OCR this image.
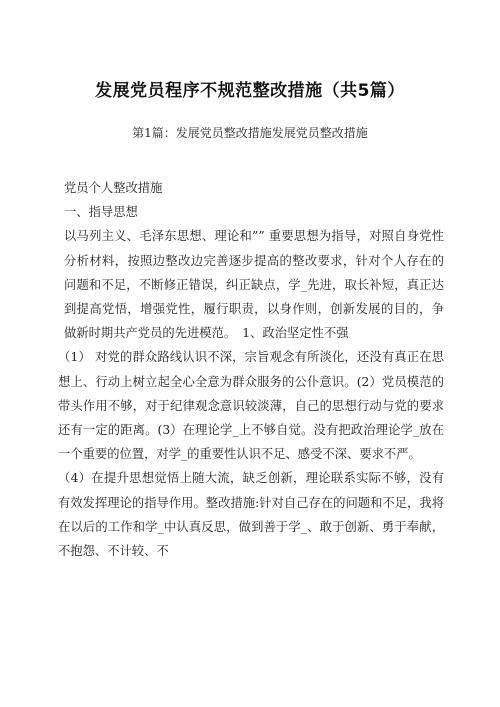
发展党员程序不规范整改措施（共5篇）
第1篇：发展党员整改措施发展党员整改措施

党员个人整改措施

一、指导思想

以马列主义、毛泽东思想、理论和”” 重要思想为指导，对照自身党性分析材料，按照边整改边完善逐步提高的整改要求，针对个人存在的问题和不足，不断修正错误，纠正缺点，学_先进，取长补短，真正达到提高党悟，增强党性，履行职责，以身作则，创新发展的目的，争做新时期共产党员的先进模范。　1、政治坚定性不强

（1） 对党的群众路线认识不深，宗旨观念有所淡化，还没有真正在思想上、行动上树立起全心全意为群众服务的公仆意识。(2）党员模范的带头作用不够，对于纪律观念意识较淡薄，自己的思想行动与党的要求还有一定的距离。(3）在理论学_上不够自觉。没有把政治理论学_放在一个重要的位置，对学_的重要性认识不足、感受不深、要求不严。

（4）在提升思想觉悟上随大流，缺乏创新，理论联系实际不够，没有有效发挥理论的指导作用。整改措施:针对自己存在的问题和不足，我将在以后的工作和学_中认真反思，做到善于学_、敢于创新、勇于奉献，不抱怨、不计较、不
